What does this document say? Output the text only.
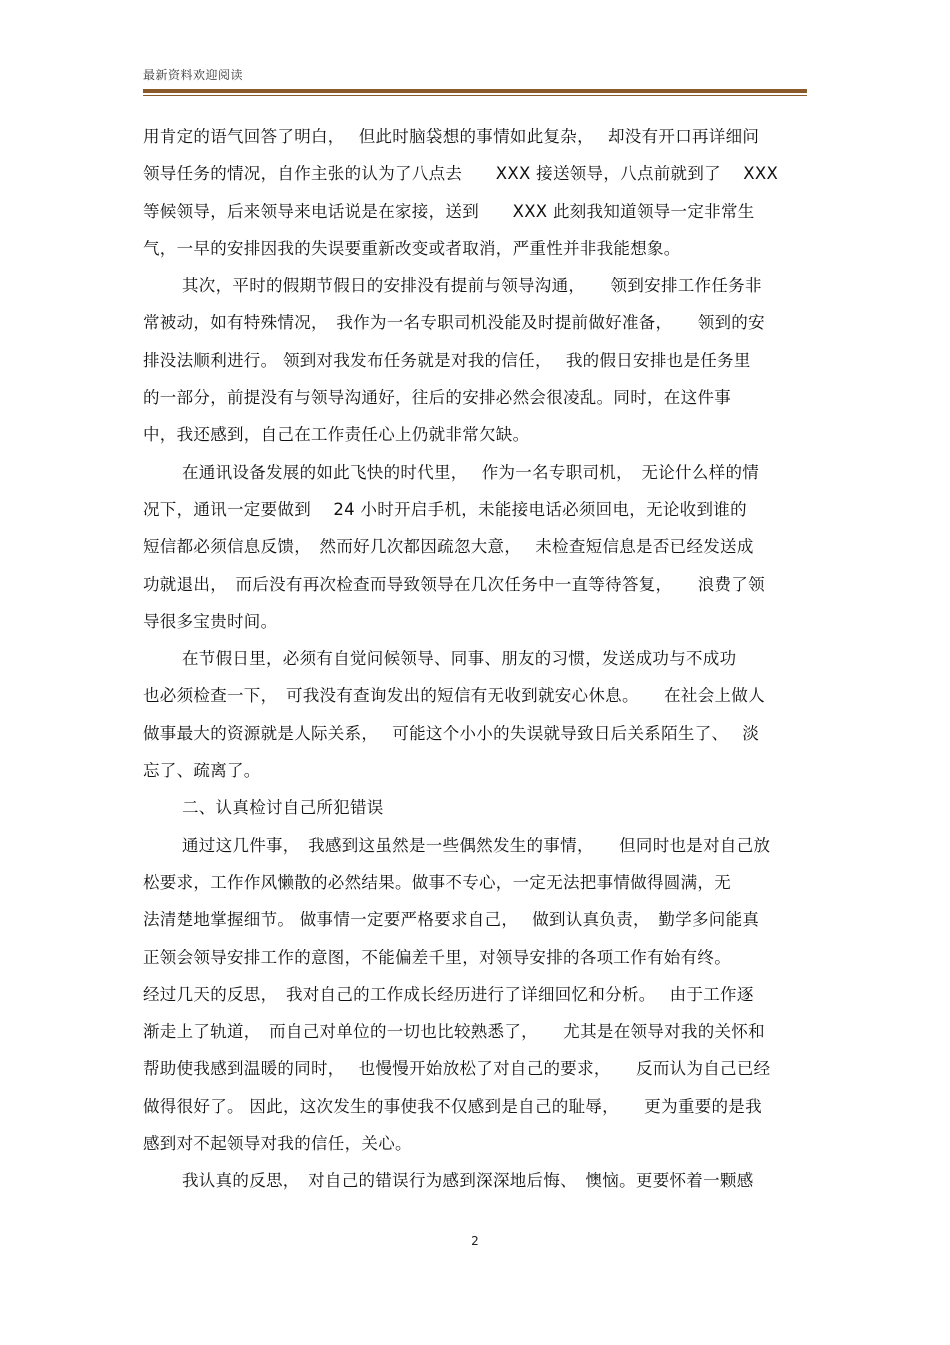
最新资料欢迎阅读
用肯定的语气回答了明白，　 但此时脑袋想的事情如此复杂，　 却没有开口再详细问
领导任务的情况，自作主张的认为了八点去　　XXX 接送领导，八点前就到了　 XXX
等候领导，后来领导来电话说是在家接，送到　　XXX 此刻我知道领导一定非常生
气，一早的安排因我的失误要重新改变或者取消，严重性并非我能想象。
其次，平时的假期节假日的安排没有提前与领导沟通，　　领到安排工作任务非
常被动，如有特殊情况，　我作为一名专职司机没能及时提前做好准备，　　领到的安
排没法顺利进行。 领到对我发布任务就是对我的信任，　 我的假日安排也是任务里
的一部分，前提没有与领导沟通好，往后的安排必然会很凌乱。同时，在这件事
中，我还感到，自己在工作责任心上仍就非常欠缺。
在通讯设备发展的如此飞快的时代里，　 作为一名专职司机，　无论什么样的情
况下，通讯一定要做到　 24 小时开启手机，未能接电话必须回电，无论收到谁的
短信都必须信息反馈，　然而好几次都因疏忽大意，　 未检查短信息是否已经发送成
功就退出，　而后没有再次检查而导致领导在几次任务中一直等待答复，　　浪费了领
导很多宝贵时间。
在节假日里，必须有自觉问候领导、同事、朋友的习惯，发送成功与不成功
也必须检查一下，　可我没有查询发出的短信有无收到就安心休息。　　在社会上做人
做事最大的资源就是人际关系，　 可能这个小小的失误就导致日后关系陌生了、　 淡
忘了、疏离了。
二、认真检讨自己所犯错误
通过这几件事，　我感到这虽然是一些偶然发生的事情，　　但同时也是对自己放
松要求，工作作风懒散的必然结果。做事不专心，一定无法把事情做得圆满，无
法清楚地掌握细节。 做事情一定要严格要求自己，　 做到认真负责，　勤学多问能真
正领会领导安排工作的意图，不能偏差千里，对领导安排的各项工作有始有终。
经过几天的反思，　我对自己的工作成长经历进行了详细回忆和分析。　 由于工作逐
渐走上了轨道，　而自己对单位的一切也比较熟悉了，　　尤其是在领导对我的关怀和
帮助使我感到温暖的同时，　 也慢慢开始放松了对自己的要求，　　反而认为自己已经
做得很好了。 因此，这次发生的事使我不仅感到是自己的耻辱，　　更为重要的是我
感到对不起领导对我的信任，关心。
我认真的反思，　对自己的错误行为感到深深地后悔、　懊恼。更要怀着一颗感
2
